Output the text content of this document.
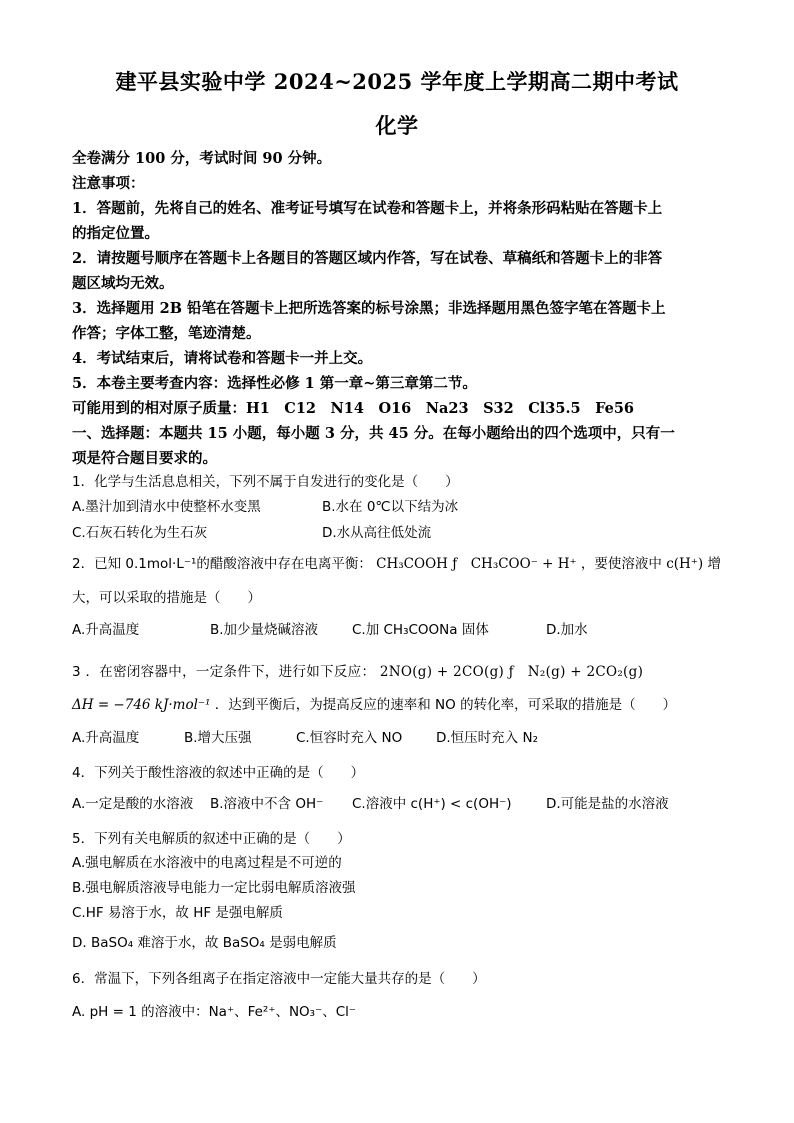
建平县实验中学 2024~2025 学年度上学期高二期中考试
化学
全卷满分 100 分，考试时间 90 分钟。
注意事项：
1．答题前，先将自己的姓名、准考证号填写在试卷和答题卡上，并将条形码粘贴在答题卡上
的指定位置。
2．请按题号顺序在答题卡上各题目的答题区域内作答，写在试卷、草稿纸和答题卡上的非答
题区域均无效。
3．选择题用 2B 铅笔在答题卡上把所选答案的标号涂黑；非选择题用黑色签字笔在答题卡上
作答；字体工整，笔迹清楚。
4．考试结束后，请将试卷和答题卡一并上交。
5．本卷主要考查内容：选择性必修 1 第一章~第三章第二节。
可能用到的相对原子质量：H1　C12　N14　O16　Na23　S32　Cl35.5　Fe56
一、选择题：本题共 15 小题，每小题 3 分，共 45 分。在每小题给出的四个选项中，只有一
项是符合题目要求的。
1．化学与生活息息相关，下列不属于自发进行的变化是（　　）
A.墨汁加到清水中使整杯水变黑	B.水在 0℃以下结为冰
C.石灰石转化为生石灰	D.水从高往低处流
2．已知 0.1mol·L⁻¹的醋酸溶液中存在电离平衡： CH₃COOH ƒ　CH₃COO⁻ + H⁺ ，要使溶液中 c(H⁺) 增
大，可以采取的措施是（　　）
A.升高温度	B.加少量烧碱溶液	C.加 CH₃COONa 固体	D.加水
3 ．在密闭容器中，一定条件下，进行如下反应： 2NO(g) + 2CO(g) ƒ　N₂(g) + 2CO₂(g)
ΔH = −746 kJ·mol⁻¹ ．达到平衡后，为提高反应的速率和 NO 的转化率，可采取的措施是（　　）
A.升高温度	B.增大压强	C.恒容时充入 NO	D.恒压时充入 N₂
4．下列关于酸性溶液的叙述中正确的是（　　）
A.一定是酸的水溶液 B.溶液中不含 OH⁻ C.溶液中 c(H⁺) < c(OH⁻)	D.可能是盐的水溶液
5．下列有关电解质的叙述中正确的是（　　）
A.强电解质在水溶液中的电离过程是不可逆的
B.强电解质溶液导电能力一定比弱电解质溶液强
C.HF 易溶于水，故 HF 是强电解质
D. BaSO₄ 难溶于水，故 BaSO₄ 是弱电解质
6．常温下，下列各组离子在指定溶液中一定能大量共存的是（　　）
A. pH = 1 的溶液中：Na⁺、Fe²⁺、NO₃⁻、Cl⁻
